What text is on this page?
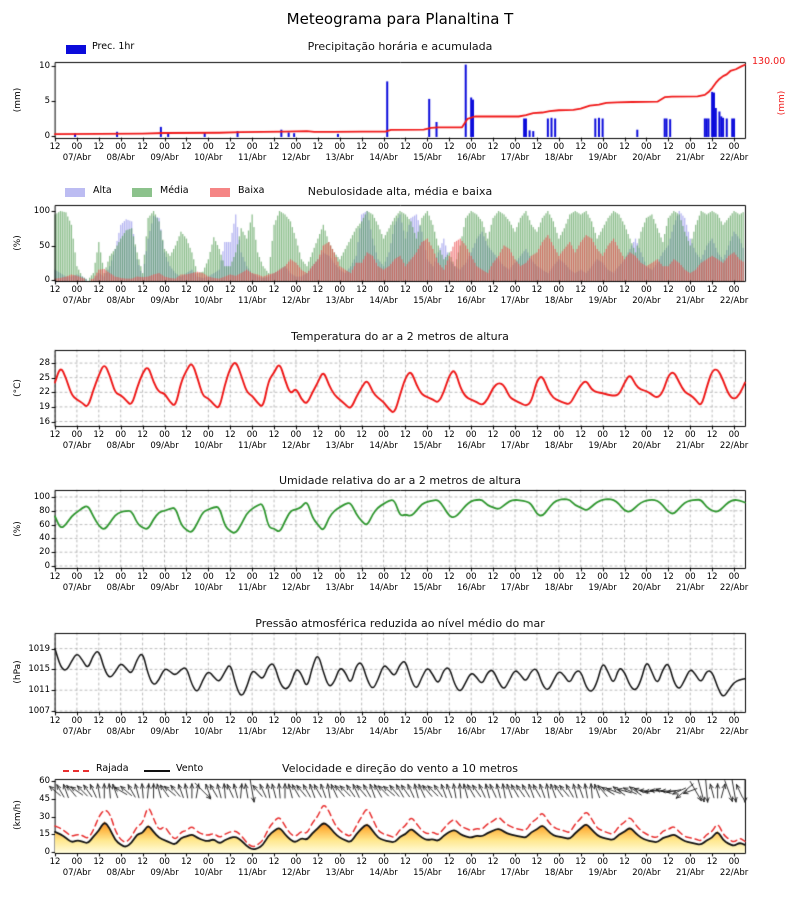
Meteograma para Planaltina T
Precipitação horária e acumulada
Prec. 1hr
(mm)
130.00
(mm)
Nebulosidade alta, média e baixa
Alta	Média	Baixa
(%)
Temperatura do ar a 2 metros de altura
(°C)
Umidade relativa do ar a 2 metros de altura
(%)
Pressão atmosférica reduzida ao nível médio do mar
(hPa)
Velocidade e direção do vento a 10 metros
Rajada	Vento
(km/h)
12	00	12	00	12	00	12	00	12	00	12	00	12	00	12	00	12	00	12	00	12	00	12	00	12	00	12	00	12	00	12	00
07/Abr	08/Abr	09/Abr	10/Abr	11/Abr	12/Abr	13/Abr	14/Abr	15/Abr	16/Abr	17/Abr	18/Abr	19/Abr	20/Abr	21/Abr	22/Abr
12	00	12	00	12	00	12	00	12	00	12	00	12	00	12	00	12	00	12	00	12	00	12	00	12	00	12	00	12	00	12	00
07/Abr	08/Abr	09/Abr	10/Abr	11/Abr	12/Abr	13/Abr	14/Abr	15/Abr	16/Abr	17/Abr	18/Abr	19/Abr	20/Abr	21/Abr	22/Abr
12	00	12	00	12	00	12	00	12	00	12	00	12	00	12	00	12	00	12	00	12	00	12	00	12	00	12	00	12	00	12	00
07/Abr	08/Abr	09/Abr	10/Abr	11/Abr	12/Abr	13/Abr	14/Abr	15/Abr	16/Abr	17/Abr	18/Abr	19/Abr	20/Abr	21/Abr	22/Abr
12	00	12	00	12	00	12	00	12	00	12	00	12	00	12	00	12	00	12	00	12	00	12	00	12	00	12	00	12	00	12	00
07/Abr	08/Abr	09/Abr	10/Abr	11/Abr	12/Abr	13/Abr	14/Abr	15/Abr	16/Abr	17/Abr	18/Abr	19/Abr	20/Abr	21/Abr	22/Abr
12	00	12	00	12	00	12	00	12	00	12	00	12	00	12	00	12	00	12	00	12	00	12	00	12	00	12	00	12	00	12	00
07/Abr	08/Abr	09/Abr	10/Abr	11/Abr	12/Abr	13/Abr	14/Abr	15/Abr	16/Abr	17/Abr	18/Abr	19/Abr	20/Abr	21/Abr	22/Abr
12	00	12	00	12	00	12	00	12	00	12	00	12	00	12	00	12	00	12	00	12	00	12	00	12	00	12	00	12	00	12	00
07/Abr	08/Abr	09/Abr	10/Abr	11/Abr	12/Abr	13/Abr	14/Abr	15/Abr	16/Abr	17/Abr	18/Abr	19/Abr	20/Abr	21/Abr	22/Abr
0
5
10
0
50
100
16
19
22
25
28
0
20
40
60
80
100
1007
1011
1015
1019
0
15
30
45
60
